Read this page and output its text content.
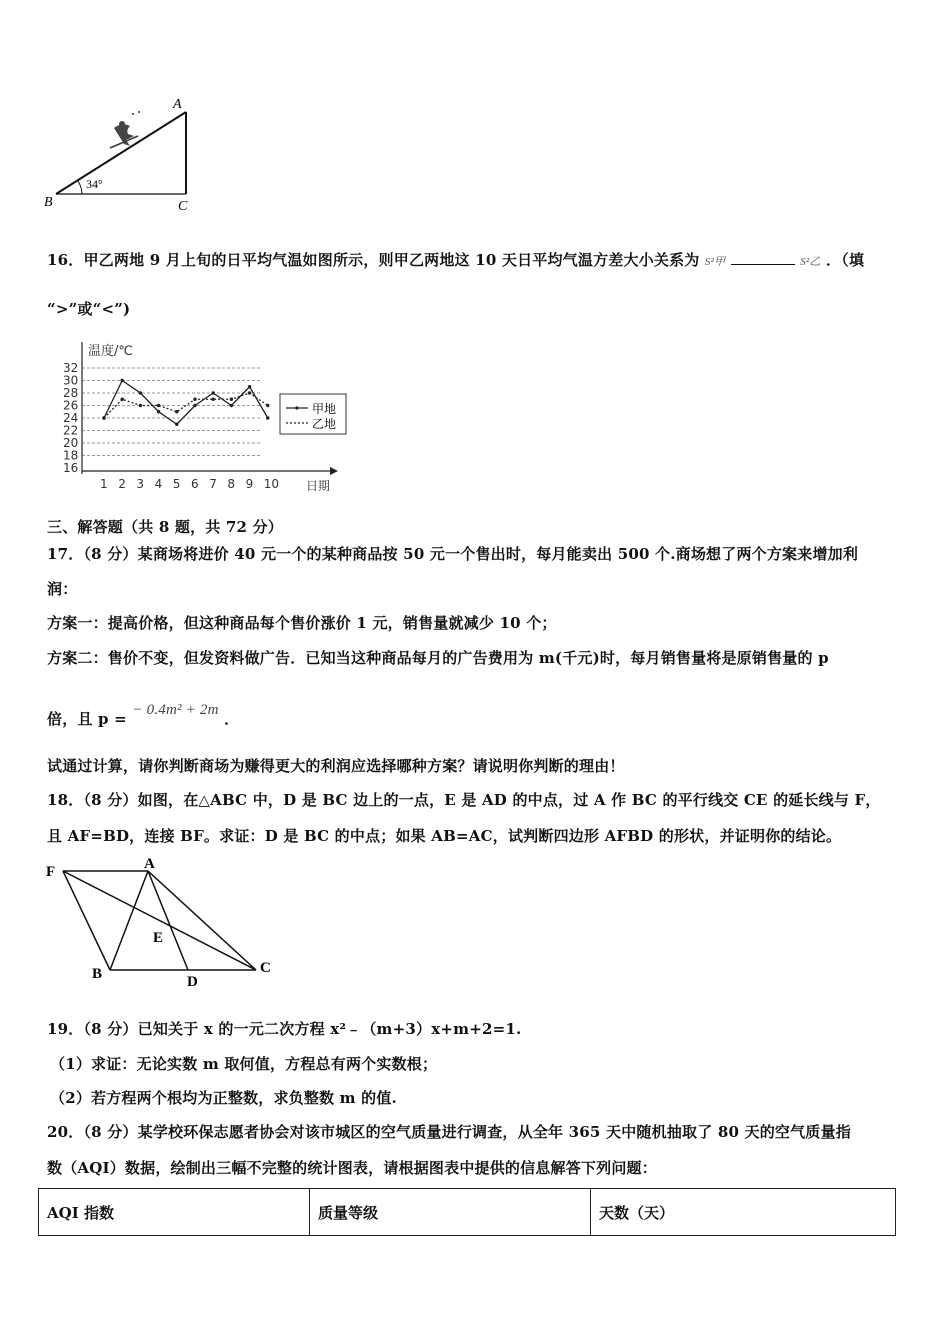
A
B	C
34°
16．甲乙两地 9 月上旬的日平均气温如图所示，则甲乙两地这 10 天日平均气温方差大小关系为 S²甲	S²乙 ．（填
“>”或“<”)
10
9
8
7
6
5
4
3
2
1
32
30
28
26
24
22
20
18
16
甲地
乙地
温度/℃
日期
三、解答题（共 8 题，共 72 分）
17．（8 分）某商场将进价 40 元一个的某种商品按 50 元一个售出时，每月能卖出 500 个.商场想了两个方案来增加利
润：
方案一：提高价格，但这种商品每个售价涨价 1 元，销售量就减少 10 个；
方案二：售价不变，但发资料做广告．已知当这种商品每月的广告费用为 m(千元)时，每月销售量将是原销售量的 p
倍，且 p = − 0.4m² + 2m ．
试通过计算，请你判断商场为赚得更大的利润应选择哪种方案？请说明你判断的理由！
18．（8 分）如图，在△ABC 中，D 是 BC 边上的一点，E 是 AD 的中点，过 A 作 BC 的平行线交 CE 的延长线与 F，
且 AF=BD，连接 BF。求证：D 是 BC 的中点；如果 AB=AC，试判断四边形 AFBD 的形状，并证明你的结论。
F	A
E
B	D
C
19．（8 分）已知关于 x 的一元二次方程 x²﹣（m+3）x+m+2=1.
（1）求证：无论实数 m 取何值，方程总有两个实数根；
（2）若方程两个根均为正整数，求负整数 m 的值.
20．（8 分）某学校环保志愿者协会对该市城区的空气质量进行调查，从全年 365 天中随机抽取了 80 天的空气质量指
数（AQI）数据，绘制出三幅不完整的统计图表，请根据图表中提供的信息解答下列问题：
AQI 指数	质量等级	天数（天）
